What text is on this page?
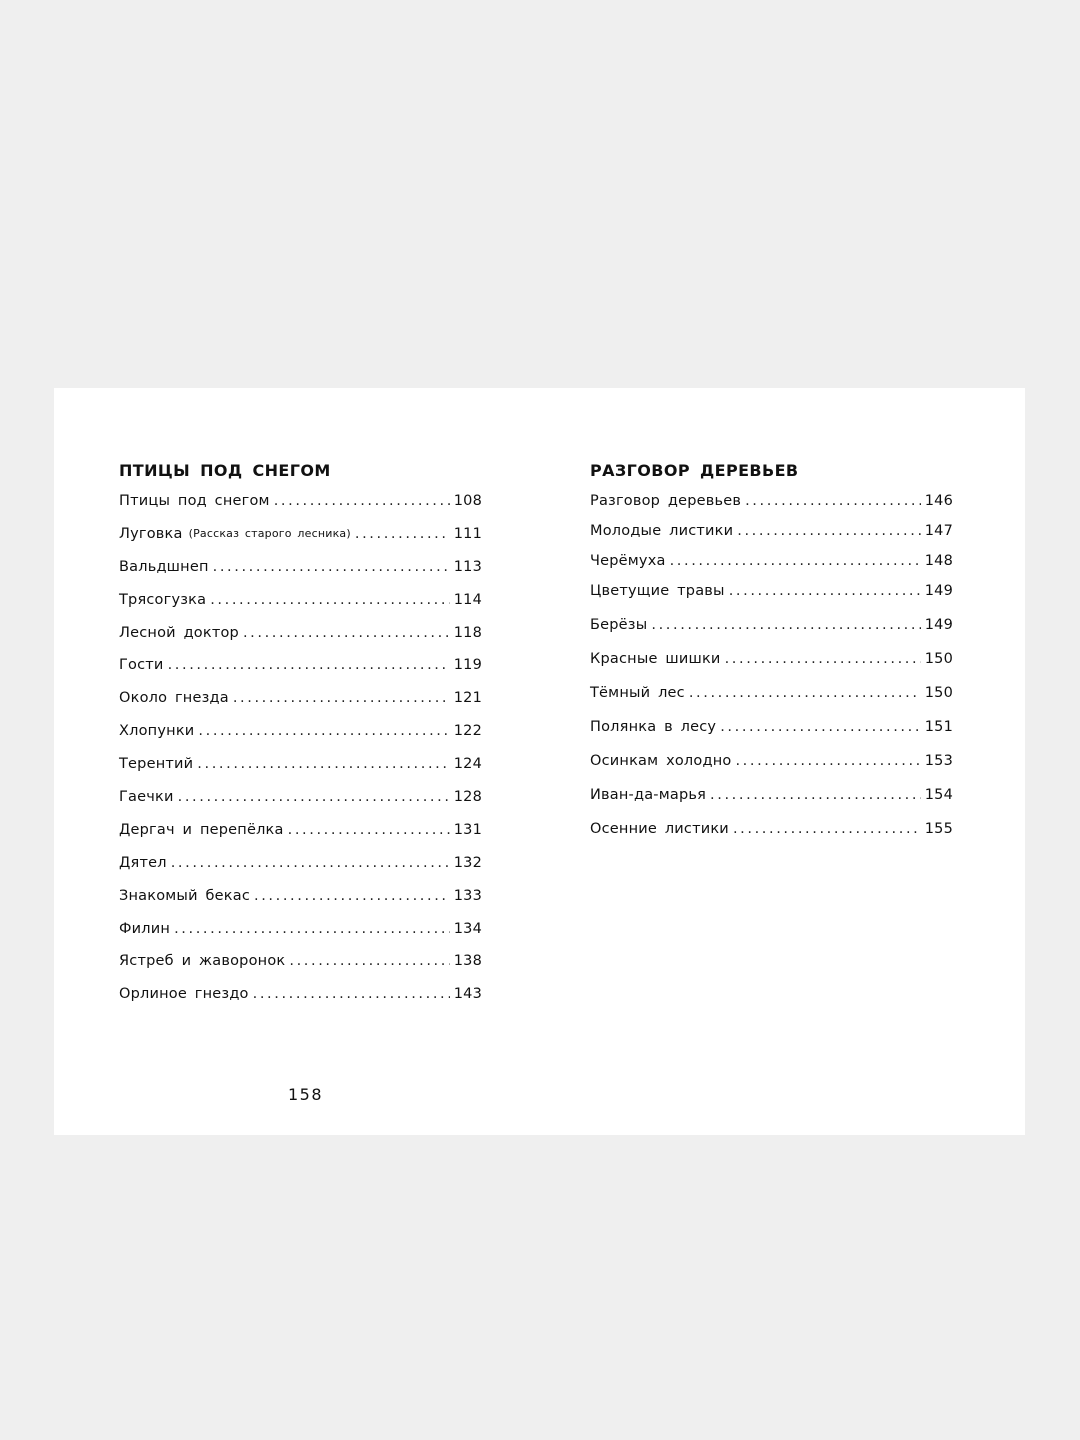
ПТИЦЫ ПОД СНЕГОМ
Птицы под снегом .....	108
Луговка (Рассказ старого лесника) .....	111
Вальдшнеп .....	113
Трясогузка .....	114
Лесной доктор .....	118
Гости .....	119
Около гнезда .....	121
Хлопунки .....	122
Терентий .....	124
Гаечки .....	128
Дергач и перепёлка .....	131
Дятел .....	132
Знакомый бекас .....	133
Филин .....	134
Ястреб и жаворонок .....	138
Орлиное гнездо .....	143
РАЗГОВОР ДЕРЕВЬЕВ
Разговор деревьев .....	146
Молодые листики .....	147
Черёмуха .....	148
Цветущие травы .....	149
Берёзы .....	149
Красные шишки .....	150
Тёмный лес .....	150
Полянка в лесу .....	151
Осинкам холодно .....	153
Иван-да-марья .....	154
Осенние листики .....	155
158
